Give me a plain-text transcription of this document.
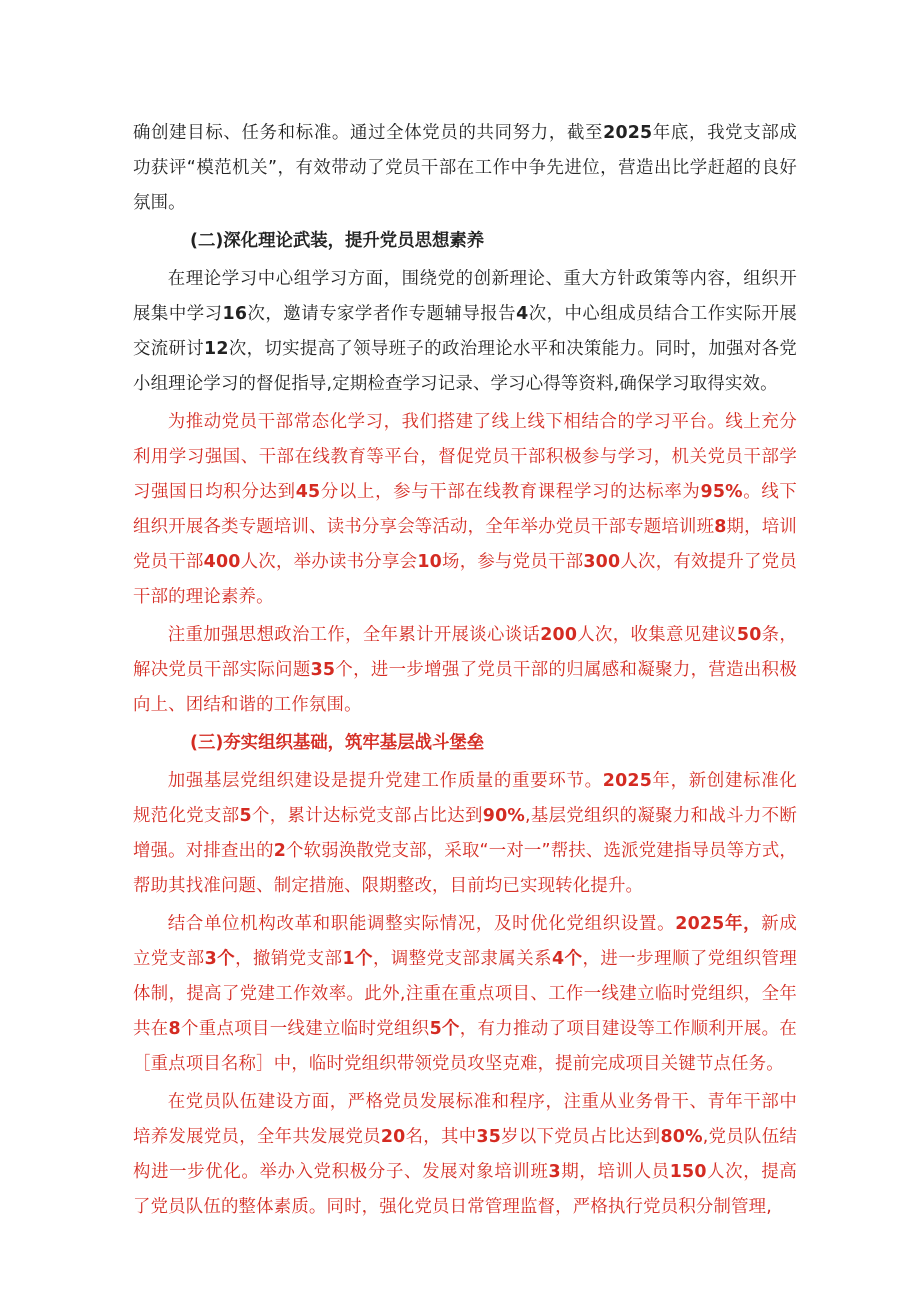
确创建目标、任务和标准。通过全体党员的共同努力，截至2025年底，我党支部成功获评“模范机关”，有效带动了党员干部在工作中争先进位，营造出比学赶超的良好氛围。

(二)深化理论武装，提升党员思想素养

在理论学习中心组学习方面，围绕党的创新理论、重大方针政策等内容，组织开展集中学习16次，邀请专家学者作专题辅导报告4次，中心组成员结合工作实际开展交流研讨12次，切实提高了领导班子的政治理论水平和决策能力。同时，加强对各党小组理论学习的督促指导,定期检查学习记录、学习心得等资料,确保学习取得实效。

为推动党员干部常态化学习，我们搭建了线上线下相结合的学习平台。线上充分利用学习强国、干部在线教育等平台，督促党员干部积极参与学习，机关党员干部学习强国日均积分达到45分以上，参与干部在线教育课程学习的达标率为95%。线下组织开展各类专题培训、读书分享会等活动，全年举办党员干部专题培训班8期，培训党员干部400人次，举办读书分享会10场，参与党员干部300人次，有效提升了党员干部的理论素养。

注重加强思想政治工作，全年累计开展谈心谈话200人次，收集意见建议50条，解决党员干部实际问题35个，进一步增强了党员干部的归属感和凝聚力，营造出积极向上、团结和谐的工作氛围。

(三)夯实组织基础，筑牢基层战斗堡垒

加强基层党组织建设是提升党建工作质量的重要环节。2025年，新创建标准化规范化党支部5个，累计达标党支部占比达到90%,基层党组织的凝聚力和战斗力不断增强。对排查出的2个软弱涣散党支部，采取“一对一”帮扶、选派党建指导员等方式，帮助其找准问题、制定措施、限期整改，目前均已实现转化提升。

结合单位机构改革和职能调整实际情况，及时优化党组织设置。2025年，新成立党支部3个，撤销党支部1个，调整党支部隶属关系4个，进一步理顺了党组织管理体制，提高了党建工作效率。此外,注重在重点项目、工作一线建立临时党组织，全年共在8个重点项目一线建立临时党组织5个，有力推动了项目建设等工作顺利开展。在［重点项目名称］中，临时党组织带领党员攻坚克难，提前完成项目关键节点任务。

在党员队伍建设方面，严格党员发展标准和程序，注重从业务骨干、青年干部中培养发展党员，全年共发展党员20名，其中35岁以下党员占比达到80%,党员队伍结构进一步优化。举办入党积极分子、发展对象培训班3期，培训人员150人次，提高了党员队伍的整体素质。同时，强化党员日常管理监督，严格执行党员积分制管理,
